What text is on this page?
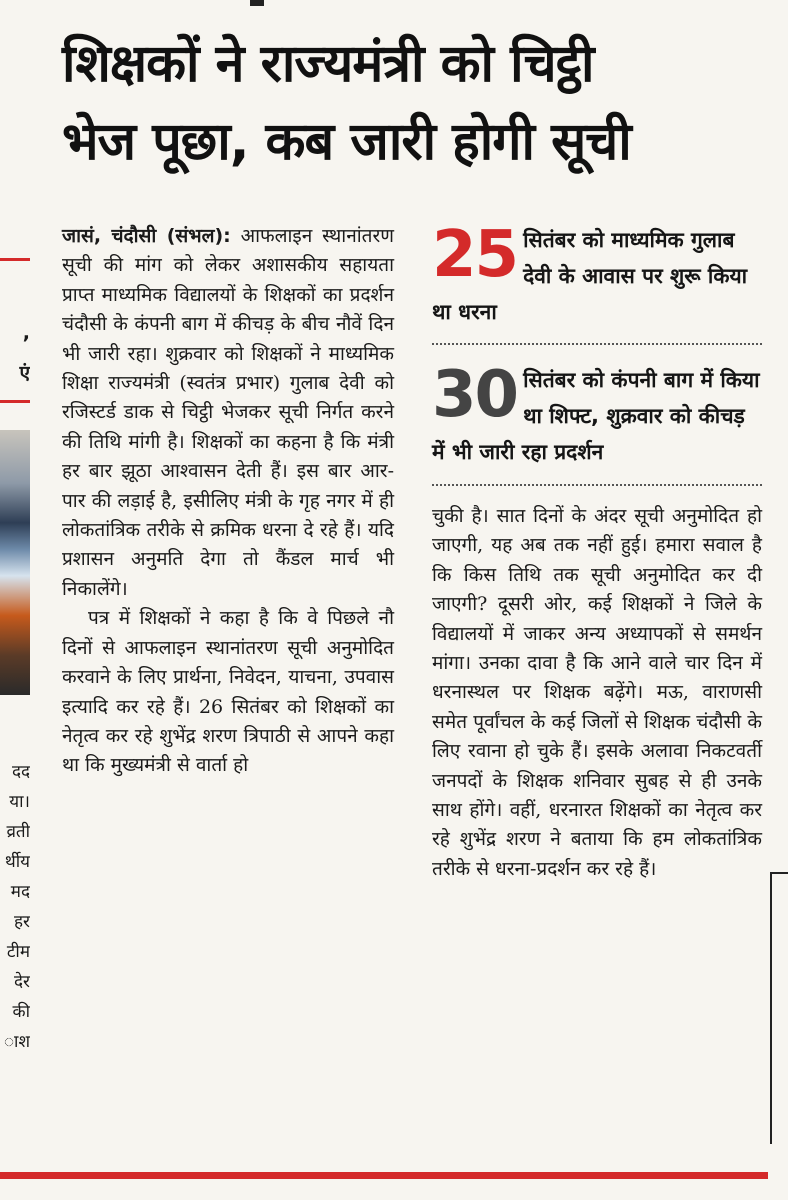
,
एं
दद
या।
व्रती
र्थीय
मद
हर
टीम
देर
की
ाश
शिक्षकों ने राज्यमंत्री को चिट्ठी
भेज पूछा, कब जारी होगी सूची

जासं, चंदौसी (संभल): आफलाइन स्थानांतरण सूची की मांग को लेकर अशासकीय सहायता प्राप्त माध्यमिक विद्यालयों के शिक्षकों का प्रदर्शन चंदौसी के कंपनी बाग में कीचड़ के बीच नौवें दिन भी जारी रहा। शुक्रवार को शिक्षकों ने माध्यमिक शिक्षा राज्यमंत्री (स्वतंत्र प्रभार) गुलाब देवी को रजिस्टर्ड डाक से चिट्ठी भेजकर सूची निर्गत करने की तिथि मांगी है। शिक्षकों का कहना है कि मंत्री हर बार झूठा आश्वासन देती हैं। इस बार आर-पार की लड़ाई है, इसीलिए मंत्री के गृह नगर में ही लोकतांत्रिक तरीके से क्रमिक धरना दे रहे हैं। यदि प्रशासन अनुमति देगा तो कैंडल मार्च भी निकालेंगे।

पत्र में शिक्षकों ने कहा है कि वे पिछले नौ दिनों से आफलाइन स्थानांतरण सूची अनुमोदित करवाने के लिए प्रार्थना, निवेदन, याचना, उपवास इत्यादि कर रहे हैं। 26 सितंबर को शिक्षकों का नेतृत्व कर रहे शुभेंद्र शरण त्रिपाठी से आपने कहा था कि मुख्यमंत्री से वार्ता हो

25 सितंबर को माध्यमिक गुलाब देवी के आवास पर शुरू किया था धरना
30 सितंबर को कंपनी बाग में किया था शिफ्ट, शुक्रवार को कीचड़ में भी जारी रहा प्रदर्शन

चुकी है। सात दिनों के अंदर सूची अनुमोदित हो जाएगी, यह अब तक नहीं हुई। हमारा सवाल है कि किस तिथि तक सूची अनुमोदित कर दी जाएगी? दूसरी ओर, कई शिक्षकों ने जिले के विद्यालयों में जाकर अन्य अध्यापकों से समर्थन मांगा। उनका दावा है कि आने वाले चार दिन में धरनास्थल पर शिक्षक बढ़ेंगे। मऊ, वाराणसी समेत पूर्वांचल के कई जिलों से शिक्षक चंदौसी के लिए रवाना हो चुके हैं। इसके अलावा निकटवर्ती जनपदों के शिक्षक शनिवार सुबह से ही उनके साथ होंगे। वहीं, धरनारत शिक्षकों का नेतृत्व कर रहे शुभेंद्र शरण ने बताया कि हम लोकतांत्रिक तरीके से धरना-प्रदर्शन कर रहे हैं।
